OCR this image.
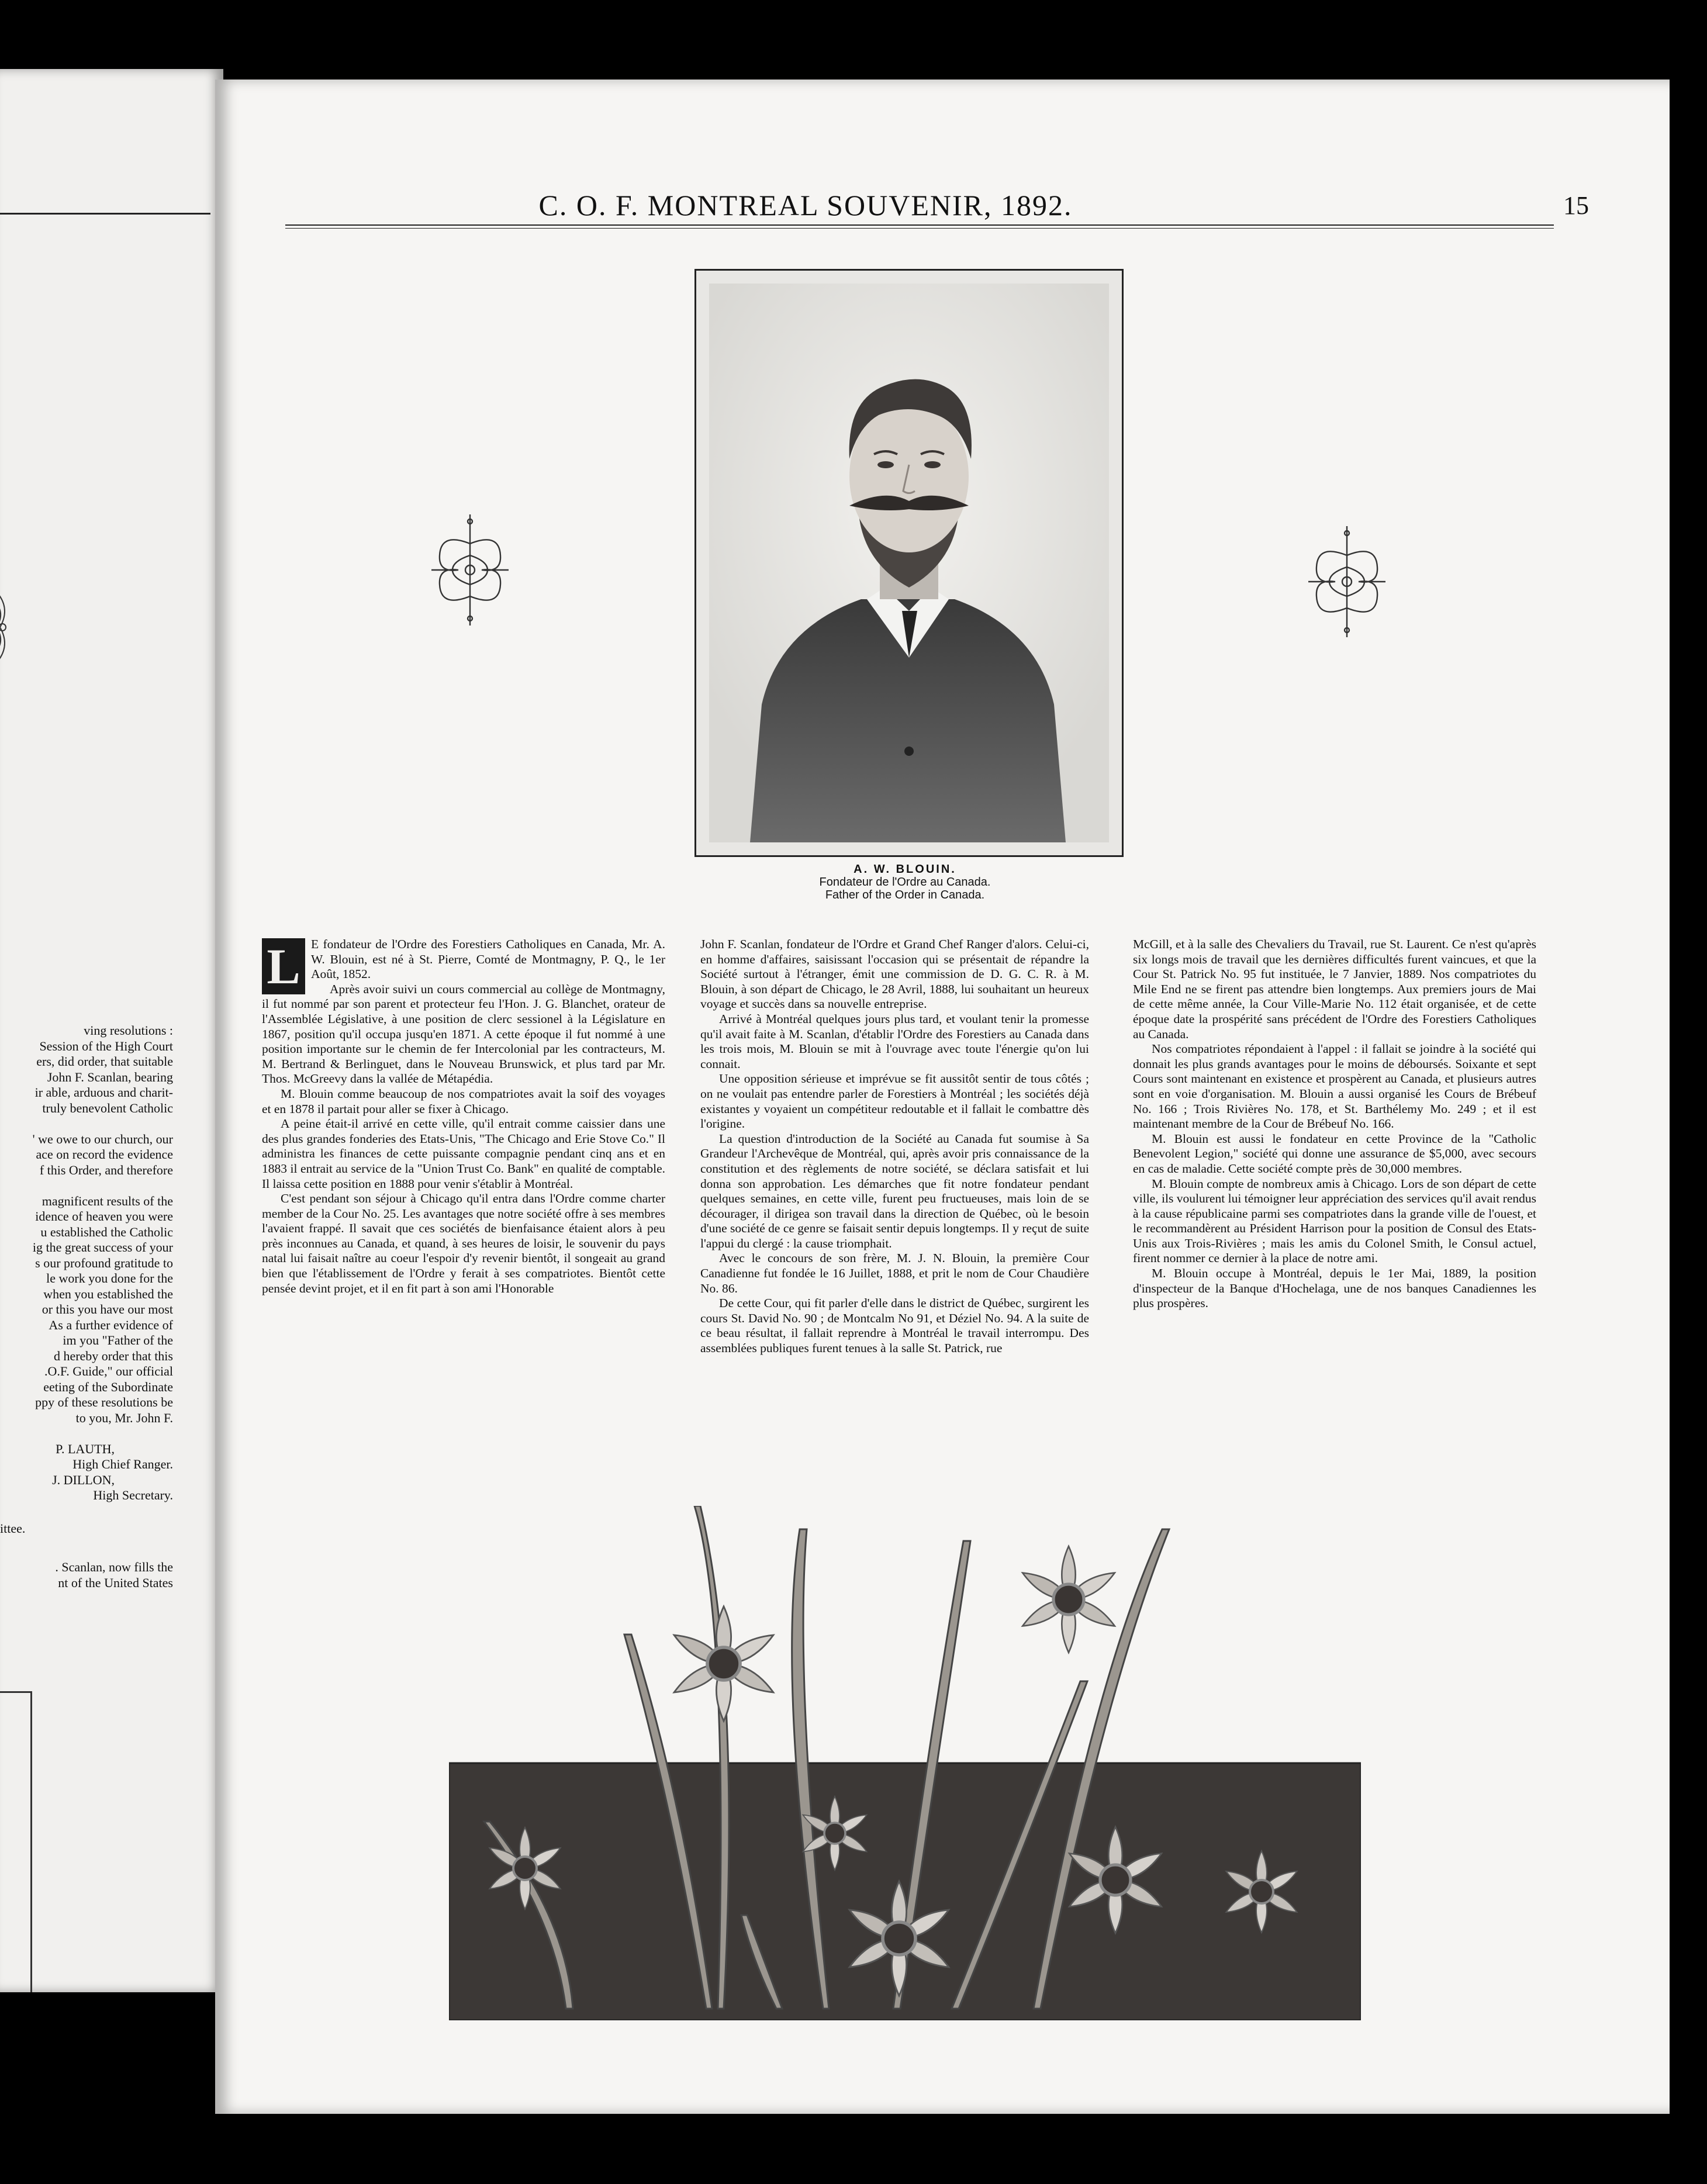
ving resolutions :
Session of the High Court
ers, did order, that suitable
John F. Scanlan, bearing
ir able, arduous and charit-
truly benevolent Catholic

' we owe to our church, our
ace on record the evidence
f this Order, and therefore

magnificent results of the
idence of heaven you were
u established the Catholic
ig the great success of your
s our profound gratitude to
le work you done for the
when you established the
or this you have our most
As a further evidence of
im you "Father of the
d hereby order that this
.O.F. Guide," our official
eeting of the Subordinate
ppy of these resolutions be
to you, Mr. John F.

P. LAUTH,
High Chief Ranger.
J. DILLON,
High Secretary.
ittee.
. Scanlan, now fills the
nt of the United States
C. O. F. MONTREAL SOUVENIR, 1892.	15
A. W. BLOUIN.
Fondateur de l'Ordre au Canada.
Father of the Order in Canada.
L E fondateur de l'Ordre des Forestiers Catholiques en Canada, Mr. A. W. Blouin, est né à St. Pierre, Comté de Montmagny, P. Q., le 1er Août, 1852.

Après avoir suivi un cours commercial au collège de Montmagny, il fut nommé par son parent et protecteur feu l'Hon. J. G. Blanchet, orateur de l'Assemblée Législative, à une position de clerc sessionel à la Législature en 1867, position qu'il occupa jusqu'en 1871. A cette époque il fut nommé à une position importante sur le chemin de fer Intercolonial par les contracteurs, M. M. Bertrand & Berlinguet, dans le Nouveau Brunswick, et plus tard par Mr. Thos. McGreevy dans la vallée de Métapédia.

M. Blouin comme beaucoup de nos compatriotes avait la soif des voyages et en 1878 il partait pour aller se fixer à Chicago.

A peine était-il arrivé en cette ville, qu'il entrait comme caissier dans une des plus grandes fonderies des Etats-Unis, "The Chicago and Erie Stove Co." Il administra les finances de cette puissante compagnie pendant cinq ans et en 1883 il entrait au service de la "Union Trust Co. Bank" en qualité de comptable. Il laissa cette position en 1888 pour venir s'établir à Montréal.

C'est pendant son séjour à Chicago qu'il entra dans l'Ordre comme charter member de la Cour No. 25. Les avantages que notre société offre à ses membres l'avaient frappé. Il savait que ces sociétés de bienfaisance étaient alors à peu près inconnues au Canada, et quand, à ses heures de loisir, le souvenir du pays natal lui faisait naître au coeur l'espoir d'y revenir bientôt, il songeait au grand bien que l'établissement de l'Ordre y ferait à ses compatriotes. Bientôt cette pensée devint projet, et il en fit part à son ami l'Honorable

John F. Scanlan, fondateur de l'Ordre et Grand Chef Ranger d'alors. Celui-ci, en homme d'affaires, saisissant l'occasion qui se présentait de répandre la Société surtout à l'étranger, émit une commission de D. G. C. R. à M. Blouin, à son départ de Chicago, le 28 Avril, 1888, lui souhaitant un heureux voyage et succès dans sa nouvelle entreprise.

Arrivé à Montréal quelques jours plus tard, et voulant tenir la promesse qu'il avait faite à M. Scanlan, d'établir l'Ordre des Forestiers au Canada dans les trois mois, M. Blouin se mit à l'ouvrage avec toute l'énergie qu'on lui connait.

Une opposition sérieuse et imprévue se fit aussitôt sentir de tous côtés ; on ne voulait pas entendre parler de Forestiers à Montréal ; les sociétés déjà existantes y voyaient un compétiteur redoutable et il fallait le combattre dès l'origine.

La question d'introduction de la Société au Canada fut soumise à Sa Grandeur l'Archevêque de Montréal, qui, après avoir pris connaissance de la constitution et des règlements de notre société, se déclara satisfait et lui donna son approbation. Les démarches que fit notre fondateur pendant quelques semaines, en cette ville, furent peu fructueuses, mais loin de se décourager, il dirigea son travail dans la direction de Québec, où le besoin d'une société de ce genre se faisait sentir depuis longtemps. Il y reçut de suite l'appui du clergé : la cause triomphait.

Avec le concours de son frère, M. J. N. Blouin, la première Cour Canadienne fut fondée le 16 Juillet, 1888, et prit le nom de Cour Chaudière No. 86.

De cette Cour, qui fit parler d'elle dans le district de Québec, surgirent les cours St. David No. 90 ; de Montcalm No 91, et Déziel No. 94. A la suite de ce beau résultat, il fallait reprendre à Montréal le travail interrompu. Des assemblées publiques furent tenues à la salle St. Patrick, rue

McGill, et à la salle des Chevaliers du Travail, rue St. Laurent. Ce n'est qu'après six longs mois de travail que les dernières difficultés furent vaincues, et que la Cour St. Patrick No. 95 fut instituée, le 7 Janvier, 1889. Nos compatriotes du Mile End ne se firent pas attendre bien longtemps. Aux premiers jours de Mai de cette même année, la Cour Ville-Marie No. 112 était organisée, et de cette époque date la prospérité sans précédent de l'Ordre des Forestiers Catholiques au Canada.

Nos compatriotes répondaient à l'appel : il fallait se joindre à la société qui donnait les plus grands avantages pour le moins de déboursés. Soixante et sept Cours sont maintenant en existence et prospèrent au Canada, et plusieurs autres sont en voie d'organisation. M. Blouin a aussi organisé les Cours de Brébeuf No. 166 ; Trois Rivières No. 178, et St. Barthélemy Mo. 249 ; et il est maintenant membre de la Cour de Brébeuf No. 166.

M. Blouin est aussi le fondateur en cette Province de la "Catholic Benevolent Legion," société qui donne une assurance de $5,000, avec secours en cas de maladie. Cette société compte près de 30,000 membres.

M. Blouin compte de nombreux amis à Chicago. Lors de son départ de cette ville, ils voulurent lui témoigner leur appréciation des services qu'il avait rendus à la cause républicaine parmi ses compatriotes dans la grande ville de l'ouest, et le recommandèrent au Président Harrison pour la position de Consul des Etats-Unis aux Trois-Rivières ; mais les amis du Colonel Smith, le Consul actuel, firent nommer ce dernier à la place de notre ami.

M. Blouin occupe à Montréal, depuis le 1er Mai, 1889, la position d'inspecteur de la Banque d'Hochelaga, une de nos banques Canadiennes les plus prospères.
